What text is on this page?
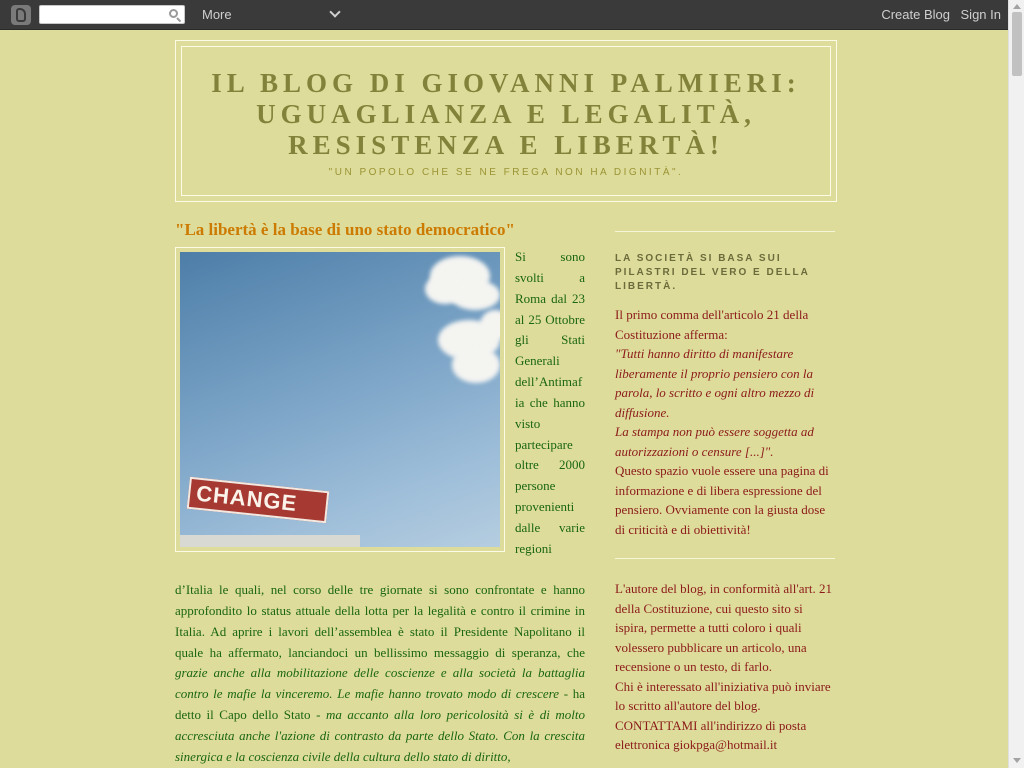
More	Create Blog Sign In
IL BLOG DI GIOVANNI PALMIERI: UGUAGLIANZA E LEGALITÀ, RESISTENZA E LIBERTÀ!

"UN POPOLO CHE SE NE FREGA NON HA DIGNITÀ".

"La libertà è la base di uno stato democratico"
CHANGE

Si sono svolti a Roma dal 23 al 25 Ottobre gli Stati Generali dell’Antimaf ia che hanno visto partecipare oltre 2000 persone provenienti dalle varie regioni

d’Italia le quali, nel corso delle tre giornate si sono confrontate e hanno approfondito lo status attuale della lotta per la legalità e contro il crimine in Italia. Ad aprire i lavori dell’assemblea è stato il Presidente Napolitano il quale ha affermato, lanciandoci un bellissimo messaggio di speranza, che grazie anche alla mobilitazione delle coscienze e alla società la battaglia contro le mafie la vinceremo. Le mafie hanno trovato modo di crescere - ha detto il Capo dello Stato - ma accanto alla loro pericolosità si è di molto accresciuta anche l'azione di contrasto da parte dello Stato. Con la crescita sinergica e la coscienza civile della cultura dello stato di diritto,

LA SOCIETÀ SI BASA SUI PILASTRI DEL VERO E DELLA LIBERTÀ.
Il primo comma dell'articolo 21 della Costituzione afferma:
"Tutti hanno diritto di manifestare liberamente il proprio pensiero con la parola, lo scritto e ogni altro mezzo di diffusione.
La stampa non può essere soggetta ad autorizzazioni o censure [...]".
Questo spazio vuole essere una pagina di informazione e di libera espressione del pensiero. Ovviamente con la giusta dose di criticità e di obiettività!
L'autore del blog, in conformità all'art. 21 della Costituzione, cui questo sito si ispira, permette a tutti coloro i quali volessero pubblicare un articolo, una recensione o un testo, di farlo.
Chi è interessato all'iniziativa può inviare lo scritto all'autore del blog.
CONTATTAMI all'indirizzo di posta elettronica giokpga@hotmail.it
